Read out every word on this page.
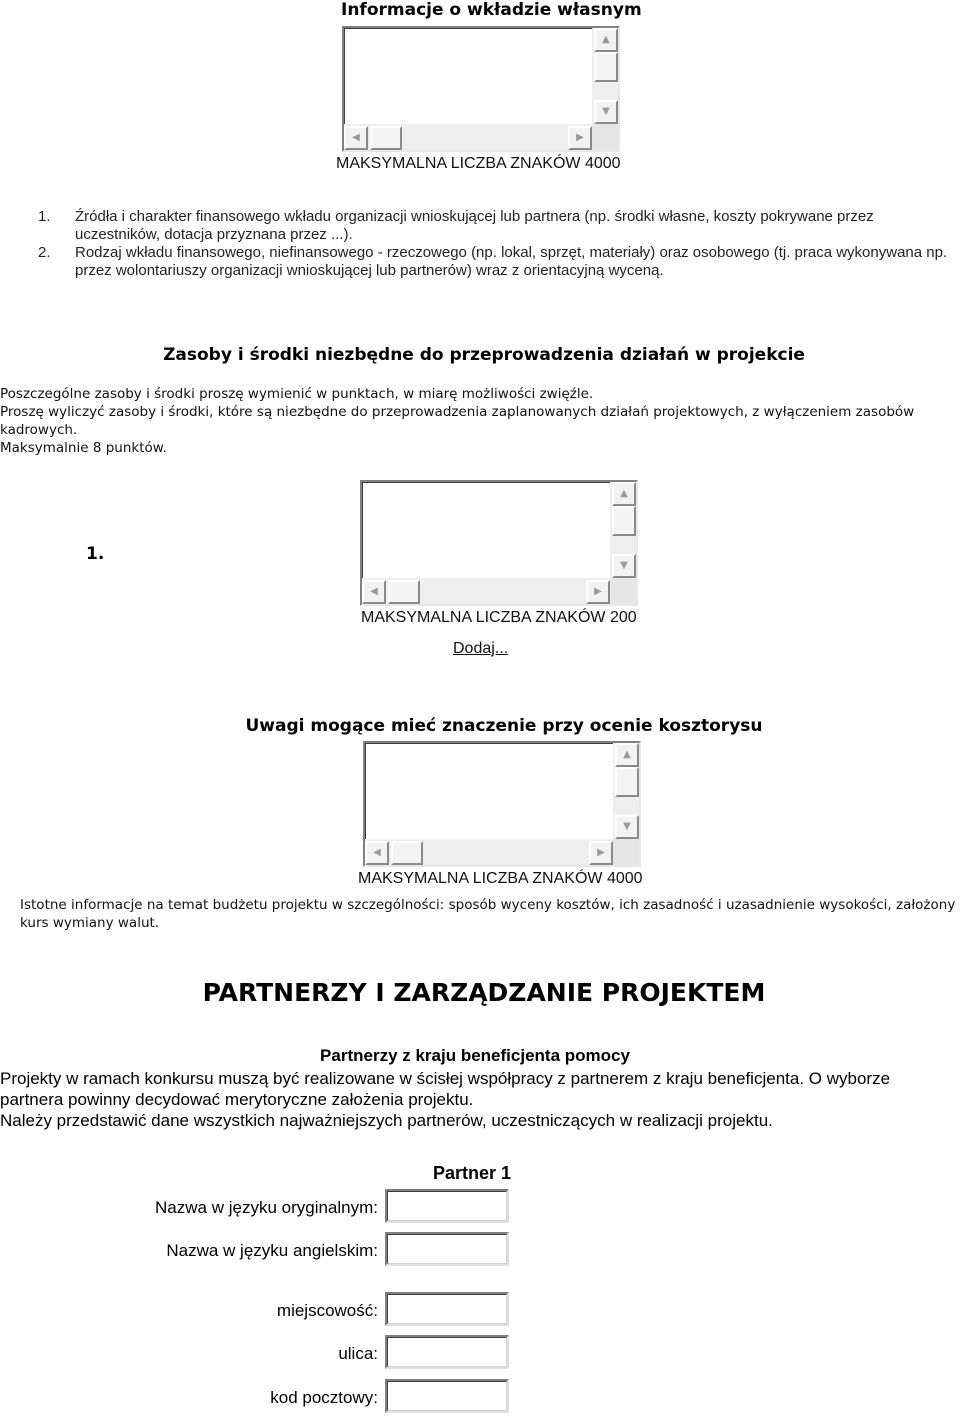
Informacje o wkładzie własnym
▲
▼
◀	▶
MAKSYMALNA LICZBA ZNAKÓW 4000
1. Źródła i charakter finansowego wkładu organizacji wnioskującej lub partnera (np. środki własne, koszty pokrywane przez uczestników, dotacja przyznana przez ...).
2. Rodzaj wkładu finansowego, niefinansowego - rzeczowego (np. lokal, sprzęt, materiały) oraz osobowego (tj. praca wykonywana np. przez wolontariuszy organizacji wnioskującej lub partnerów) wraz z orientacyjną wyceną.
Zasoby i środki niezbędne do przeprowadzenia działań w projekcie
Poszczególne zasoby i środki proszę wymienić w punktach, w miarę możliwości zwięźle.
Proszę wyliczyć zasoby i środki, które są niezbędne do przeprowadzenia zaplanowanych działań projektowych, z wyłączeniem zasobów kadrowych.
Maksymalnie 8 punktów.
1.
▲
▼
◀	▶
MAKSYMALNA LICZBA ZNAKÓW 200
Dodaj...
Uwagi mogące mieć znaczenie przy ocenie kosztorysu
▲
▼
◀	▶
MAKSYMALNA LICZBA ZNAKÓW 4000
Istotne informacje na temat budżetu projektu w szczególności: sposób wyceny kosztów, ich zasadność i uzasadnienie wysokości, założony kurs wymiany walut.
PARTNERZY I ZARZĄDZANIE PROJEKTEM
Partnerzy z kraju beneficjenta pomocy
Projekty w ramach konkursu muszą być realizowane w ścisłej współpracy z partnerem z kraju beneficjenta. O wyborze partnera powinny decydować merytoryczne założenia projektu.
Należy przedstawić dane wszystkich najważniejszych partnerów, uczestniczących w realizacji projektu.
Partner 1
Nazwa w języku oryginalnym:
Nazwa w języku angielskim:
miejscowość:
ulica:
kod pocztowy:
